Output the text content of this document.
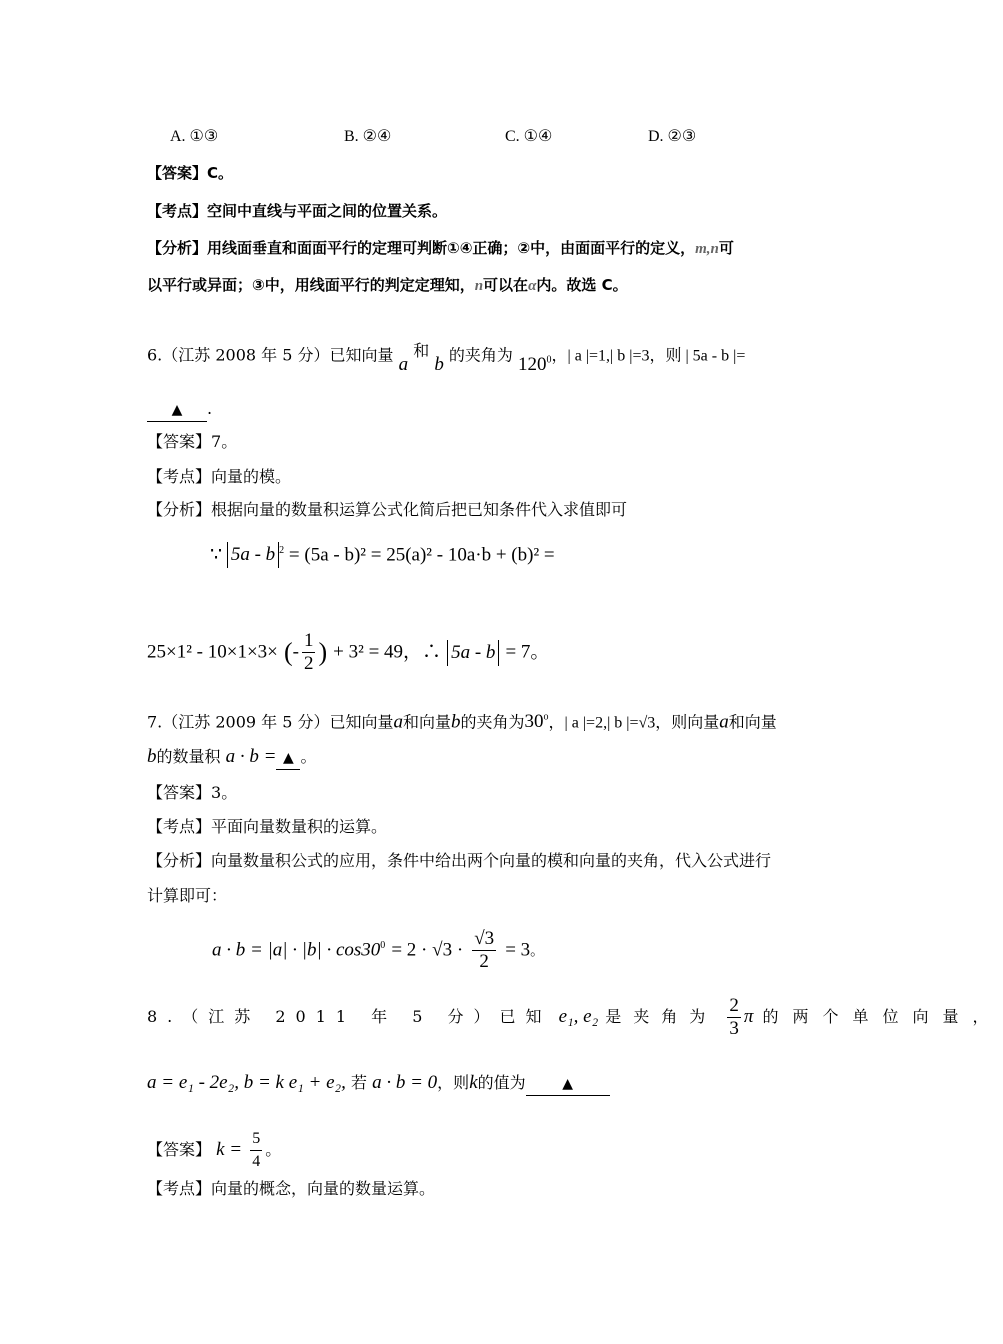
A. ①③	B. ②④	C. ①④	D. ②③
【答案】C。
【考点】空间中直线与平面之间的位置关系。
【分析】用线面垂直和面面平行的定理可判断①④正确；②中，由面面平行的定义，m,n可
以平行或异面；③中，用线面平行的判定定理知，n可以在α内。故选 C。
6.（江苏 2008 年 5 分）已知向量 a 和 b 的夹角为 $120^0$，| a |=1,| b |=3，则 | 5a - b |=
▲ .
【答案】7。
【考点】向量的模。
【分析】根据向量的数量积运算公式化简后把已知条件代入求值即可
∵ 5a - b $^2$ = (5a - b)² = 25(a)² - 10a·b + (b)² =
25×1² - 10×1×3× (- $\frac{1}{2}$ ) + 3² = 49，∴ 5a - b = 7。
7.（江苏 2009 年 5 分）已知向量a和向量b的夹角为30$^o$，| a |=2,| b |=√3，则向量a和向量
b的数量积 a · b = ▲ 。
【答案】3。
【考点】平面向量数量积的运算。
【分析】向量数量积公式的应用，条件中给出两个向量的模和向量的夹角，代入公式进行
计算即可：
$a \cdot b = |a| \cdot |b| \cdot \cos 30^0 = 2 \cdot √3 \cdot \frac{√3}{2} = 3$。
8.（江苏 2011 年 5 分）已知 e₁, e₂ 是夹角为 $\frac{2}{3}$ π 的两个单位向量，
a = e₁ - 2e₂, b = k e₁ + e₂, 若 a · b = 0，则k的值为	▲
【答案】 $k = \frac{5}{4}$ 。
【考点】向量的概念，向量的数量运算。
